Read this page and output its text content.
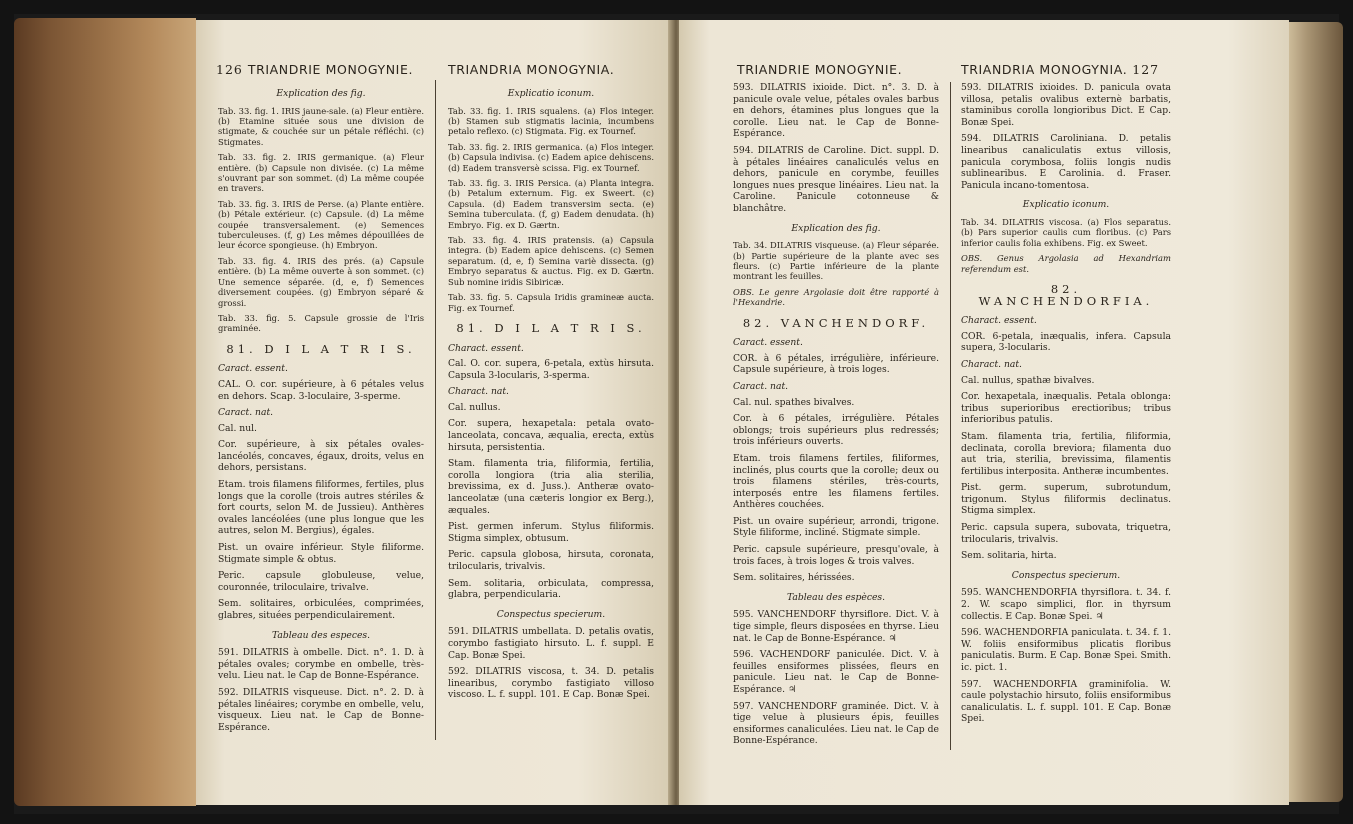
126 TRIANDRIE MONOGYNIE.	TRIANDRIA MONOGYNIA.
Explication des fig.

Tab. 33. fig. 1. IRIS jaune-sale. (a) Fleur entière. (b) Etamine située sous une division de stigmate, & couchée sur un pétale réfléchi. (c) Stigmates.

Tab. 33. fig. 2. IRIS germanique. (a) Fleur entière. (b) Capsule non divisée. (c) La même s'ouvrant par son sommet. (d) La même coupée en travers.

Tab. 33. fig. 3. IRIS de Perse. (a) Plante entière. (b) Pétale extérieur. (c) Capsule. (d) La même coupée transversalement. (e) Semences tuberculeuses. (f, g) Les mêmes dépouillées de leur écorce spongieuse. (h) Embryon.

Tab. 33. fig. 4. IRIS des prés. (a) Capsule entière. (b) La même ouverte à son sommet. (c) Une semence séparée. (d, e, f) Semences diversement coupées. (g) Embryon séparé & grossi.

Tab. 33. fig. 5. Capsule grossie de l'Iris graminée.

81. D I L A T R I S.
Caract. essent.

CAL. O. cor. supérieure, à 6 pétales velus en dehors. Scap. 3-loculaire, 3-sperme.

Caract. nat.

Cal. nul.

Cor. supérieure, à six pétales ovales-lancéolés, concaves, égaux, droits, velus en dehors, persistans.

Etam. trois filamens filiformes, fertiles, plus longs que la corolle (trois autres stériles & fort courts, selon M. de Jussieu). Anthères ovales lancéolées (une plus longue que les autres, selon M. Bergius), égales.

Pist. un ovaire inférieur. Style filiforme. Stigmate simple & obtus.

Peric. capsule globuleuse, velue, couronnée, triloculaire, trivalve.

Sem. solitaires, orbiculées, comprimées, glabres, situées perpendiculairement.

Tableau des especes.

591. DILATRIS à ombelle. Dict. n°. 1. D. à pétales ovales; corymbe en ombelle, très-velu. Lieu nat. le Cap de Bonne-Espérance.

592. DILATRIS visqueuse. Dict. n°. 2. D. à pétales linéaires; corymbe en ombelle, velu, visqueux. Lieu nat. le Cap de Bonne-Espérance.

Explicatio iconum.

Tab. 33. fig. 1. IRIS squalens. (a) Flos integer. (b) Stamen sub stigmatis lacinia, incumbens petalo reflexo. (c) Stigmata. Fig. ex Tournef.

Tab. 33. fig. 2. IRIS germanica. (a) Flos integer. (b) Capsula indivisa. (c) Eadem apice dehiscens. (d) Eadem transversè scissa. Fig. ex Tournef.

Tab. 33. fig. 3. IRIS Persica. (a) Planta integra. (b) Petalum externum. Fig. ex Sweert. (c) Capsula. (d) Eadem transversim secta. (e) Semina tuberculata. (f, g) Eadem denudata. (h) Embryo. Fig. ex D. Gærtn.

Tab. 33. fig. 4. IRIS pratensis. (a) Capsula integra. (b) Eadem apice dehiscens. (c) Semen separatum. (d, e, f) Semina variè dissecta. (g) Embryo separatus & auctus. Fig. ex D. Gærtn. Sub nomine iridis Sibiricæ.

Tab. 33. fig. 5. Capsula Iridis gramineæ aucta. Fig. ex Tournef.

81. D I L A T R I S.
Charact. essent.

Cal. O. cor. supera, 6-petala, extùs hirsuta. Capsula 3-locularis, 3-sperma.

Charact. nat.

Cal. nullus.

Cor. supera, hexapetala: petala ovato-lanceolata, concava, æqualia, erecta, extùs hirsuta, persistentia.

Stam. filamenta tria, filiformia, fertilia, corolla longiora (tria alia sterilia, brevissima, ex d. Juss.). Antheræ ovato-lanceolatæ (una cæteris longior ex Berg.), æquales.

Pist. germen inferum. Stylus filiformis. Stigma simplex, obtusum.

Peric. capsula globosa, hirsuta, coronata, trilocularis, trivalvis.

Sem. solitaria, orbiculata, compressa, glabra, perpendicularia.

Conspectus specierum.

591. DILATRIS umbellata. D. petalis ovatis, corymbo fastigiato hirsuto. L. f. suppl. E Cap. Bonæ Spei.

592. DILATRIS viscosa, t. 34. D. petalis linearibus, corymbo fastigiato villoso viscoso. L. f. suppl. 101. E Cap. Bonæ Spei.

TRIANDRIE MONOGYNIE.	TRIANDRIA MONOGYNIA. 127

593. DILATRIS ixioide. Dict. n°. 3. D. à panicule ovale velue, pétales ovales barbus en dehors, étamines plus longues que la corolle. Lieu nat. le Cap de Bonne-Espérance.

594. DILATRIS de Caroline. Dict. suppl. D. à pétales linéaires canaliculés velus en dehors, panicule en corymbe, feuilles longues nues presque linéaires. Lieu nat. la Caroline. Panicule cotonneuse & blanchâtre.

Explication des fig.

Tab. 34. DILATRIS visqueuse. (a) Fleur séparée. (b) Partie supérieure de la plante avec ses fleurs. (c) Partie inférieure de la plante montrant les feuilles.

OBS. Le genre Argolasie doit être rapporté à l'Hexandrie.

82. VANCHENDORF.
Caract. essent.

COR. à 6 pétales, irrégulière, inférieure. Capsule supérieure, à trois loges.

Caract. nat.

Cal. nul. spathes bivalves.

Cor. à 6 pétales, irrégulière. Pétales oblongs; trois supérieurs plus redressés; trois inférieurs ouverts.

Etam. trois filamens fertiles, filiformes, inclinés, plus courts que la corolle; deux ou trois filamens stériles, très-courts, interposés entre les filamens fertiles. Anthères couchées.

Pist. un ovaire supérieur, arrondi, trigone. Style filiforme, incliné. Stigmate simple.

Peric. capsule supérieure, presqu'ovale, à trois faces, à trois loges & trois valves.

Sem. solitaires, hérissées.

Tableau des espèces.

595. VANCHENDORF thyrsiflore. Dict. V. à tige simple, fleurs disposées en thyrse. Lieu nat. le Cap de Bonne-Espérance. ♃

596. VACHENDORF paniculée. Dict. V. à feuilles ensiformes plissées, fleurs en panicule. Lieu nat. le Cap de Bonne-Espérance. ♃

597. VANCHENDORF graminée. Dict. V. à tige velue à plusieurs épis, feuilles ensiformes canaliculées. Lieu nat. le Cap de Bonne-Espérance.

593. DILATRIS ixioides. D. panicula ovata villosa, petalis ovalibus externè barbatis, staminibus corolla longioribus Dict. E Cap. Bonæ Spei.

594. DILATRIS Caroliniana. D. petalis linearibus canaliculatis extus villosis, panicula corymbosa, foliis longis nudis sublinearibus. E Carolinia. d. Fraser. Panicula incano-tomentosa.

Explicatio iconum.

Tab. 34. DILATRIS viscosa. (a) Flos separatus. (b) Pars superior caulis cum floribus. (c) Pars inferior caulis folia exhibens. Fig. ex Sweet.

OBS. Genus Argolasia ad Hexandriam referendum est.

82. WANCHENDORFIA.
Charact. essent.

COR. 6-petala, inæqualis, infera. Capsula supera, 3-locularis.

Charact. nat.

Cal. nullus, spathæ bivalves.

Cor. hexapetala, inæqualis. Petala oblonga: tribus superioribus erectioribus; tribus inferioribus patulis.

Stam. filamenta tria, fertilia, filiformia, declinata, corolla breviora; filamenta duo aut tria, sterilia, brevissima, filamentis fertilibus interposita. Antheræ incumbentes.

Pist. germ. superum, subrotundum, trigonum. Stylus filiformis declinatus. Stigma simplex.

Peric. capsula supera, subovata, triquetra, trilocularis, trivalvis.

Sem. solitaria, hirta.

Conspectus specierum.

595. WANCHENDORFIA thyrsiflora. t. 34. f. 2. W. scapo simplici, flor. in thyrsum collectis. E Cap. Bonæ Spei. ♃

596. WACHENDORFIA paniculata. t. 34. f. 1. W. foliis ensiformibus plicatis floribus paniculatis. Burm. E Cap. Bonæ Spei. Smith. ic. pict. 1.

597. WACHENDORFIA graminifolia. W. caule polystachio hirsuto, foliis ensiformibus canaliculatis. L. f. suppl. 101. E Cap. Bonæ Spei.
